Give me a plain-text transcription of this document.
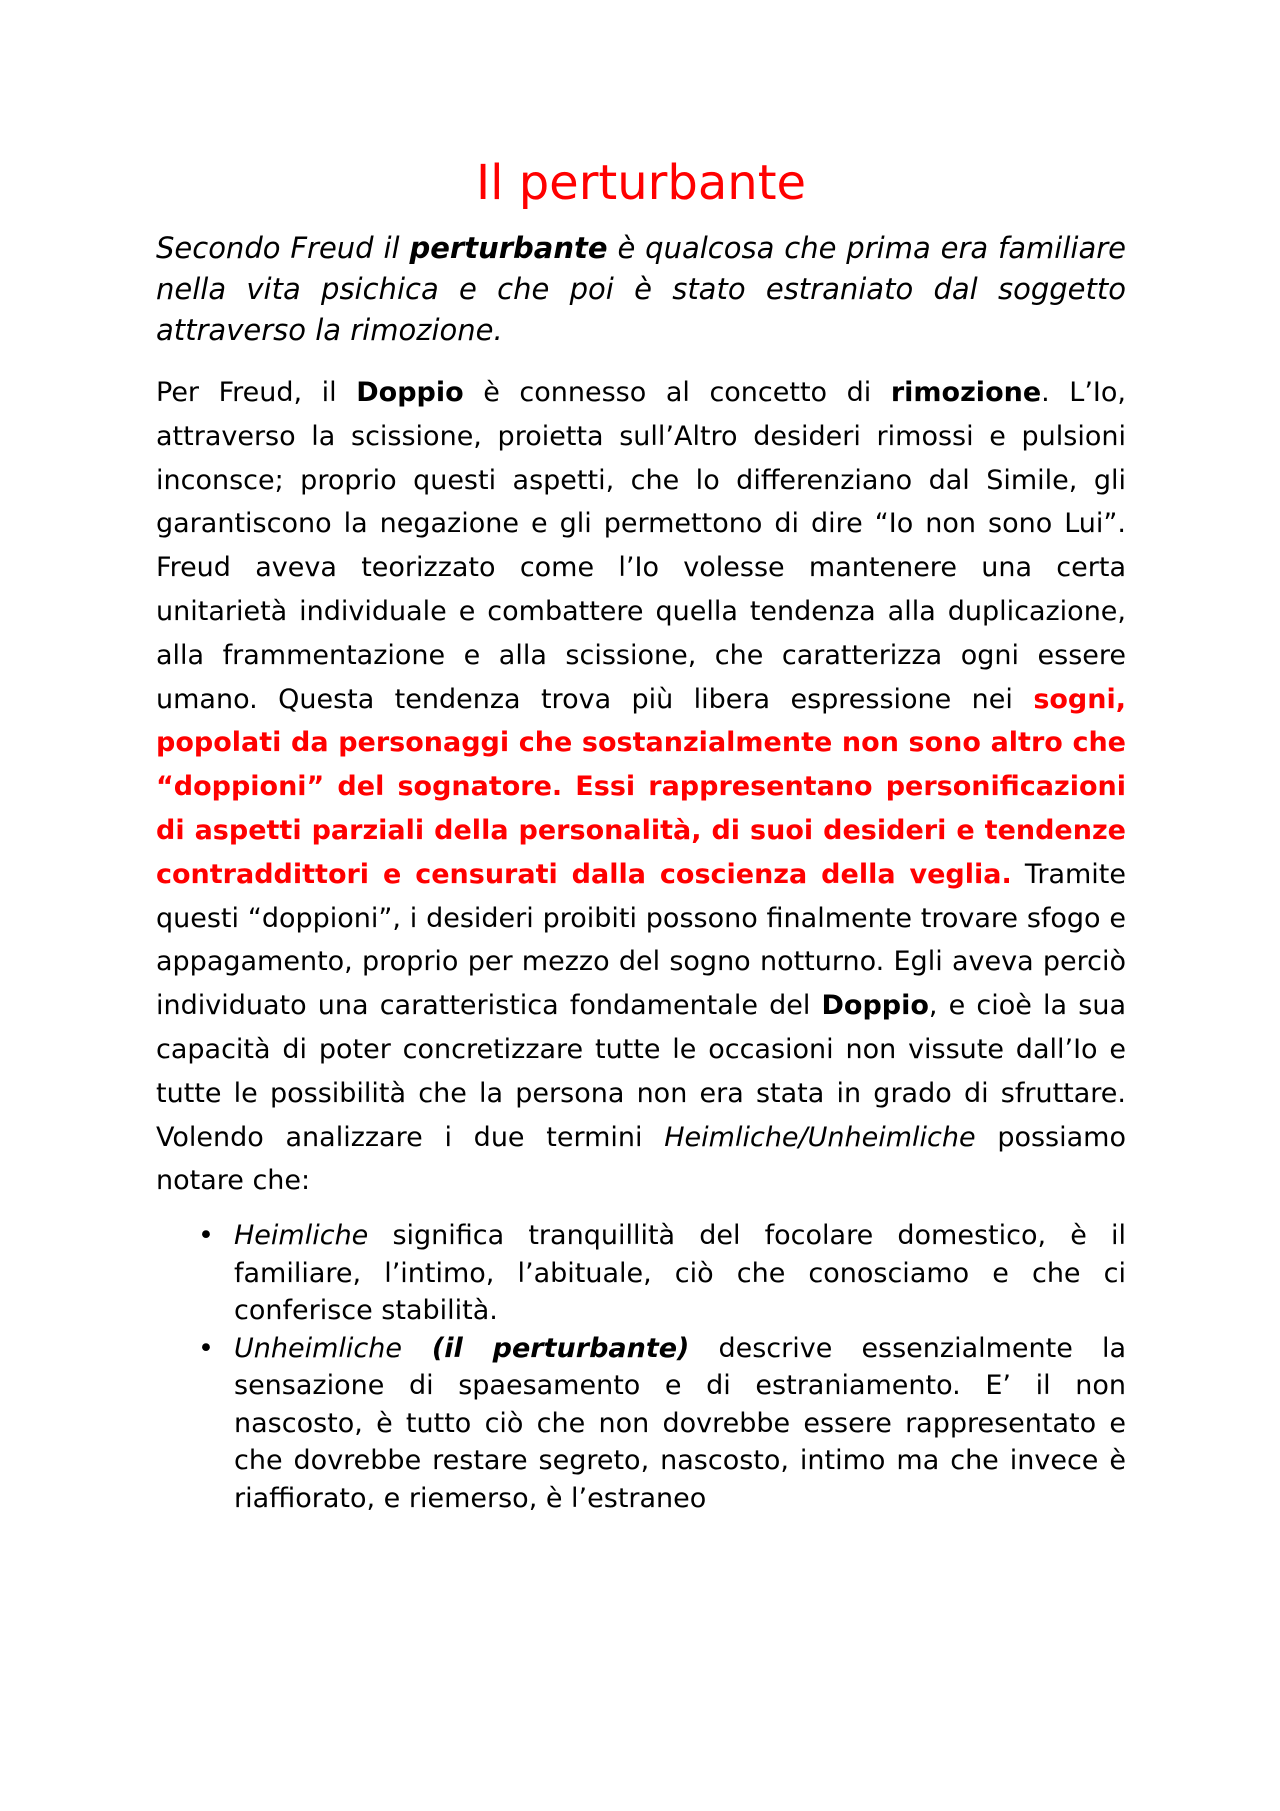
Il perturbante

Secondo Freud il perturbante è qualcosa che prima era familiare nella vita psichica e che poi è stato estraniato dal soggetto attraverso la rimozione.

Per Freud, il Doppio è connesso al concetto di rimozione. L’Io, attraverso la scissione, proietta sull’Altro desideri rimossi e pulsioni inconsce; proprio questi aspetti, che lo differenziano dal Simile, gli garantiscono la negazione e gli permettono di dire “Io non sono Lui”. Freud aveva teorizzato come l’Io volesse mantenere una certa unitarietà individuale e combattere quella tendenza alla duplicazione, alla frammentazione e alla scissione, che caratterizza ogni essere umano. Questa tendenza trova più libera espressione nei sogni, popolati da personaggi che sostanzialmente non sono altro che “doppioni” del sognatore. Essi rappresentano personificazioni di aspetti parziali della personalità, di suoi desideri e tendenze contraddittori e censurati dalla coscienza della veglia. Tramite questi “doppioni”, i desideri proibiti possono finalmente trovare sfogo e appagamento, proprio per mezzo del sogno notturno. Egli aveva perciò individuato una caratteristica fondamentale del Doppio, e cioè la sua capacità di poter concretizzare tutte le occasioni non vissute dall’Io e tutte le possibilità che la persona non era stata in grado di sfruttare. Volendo analizzare i due termini Heimliche/Unheimliche possiamo notare che:

• Heimliche significa tranquillità del focolare domestico, è il familiare, l’intimo, l’abituale, ciò che conosciamo e che ci conferisce stabilità.
• Unheimliche (il perturbante) descrive essenzialmente la sensazione di spaesamento e di estraniamento. E’ il non nascosto, è tutto ciò che non dovrebbe essere rappresentato e che dovrebbe restare segreto, nascosto, intimo ma che invece è riaffiorato, e riemerso, è l’estraneo
